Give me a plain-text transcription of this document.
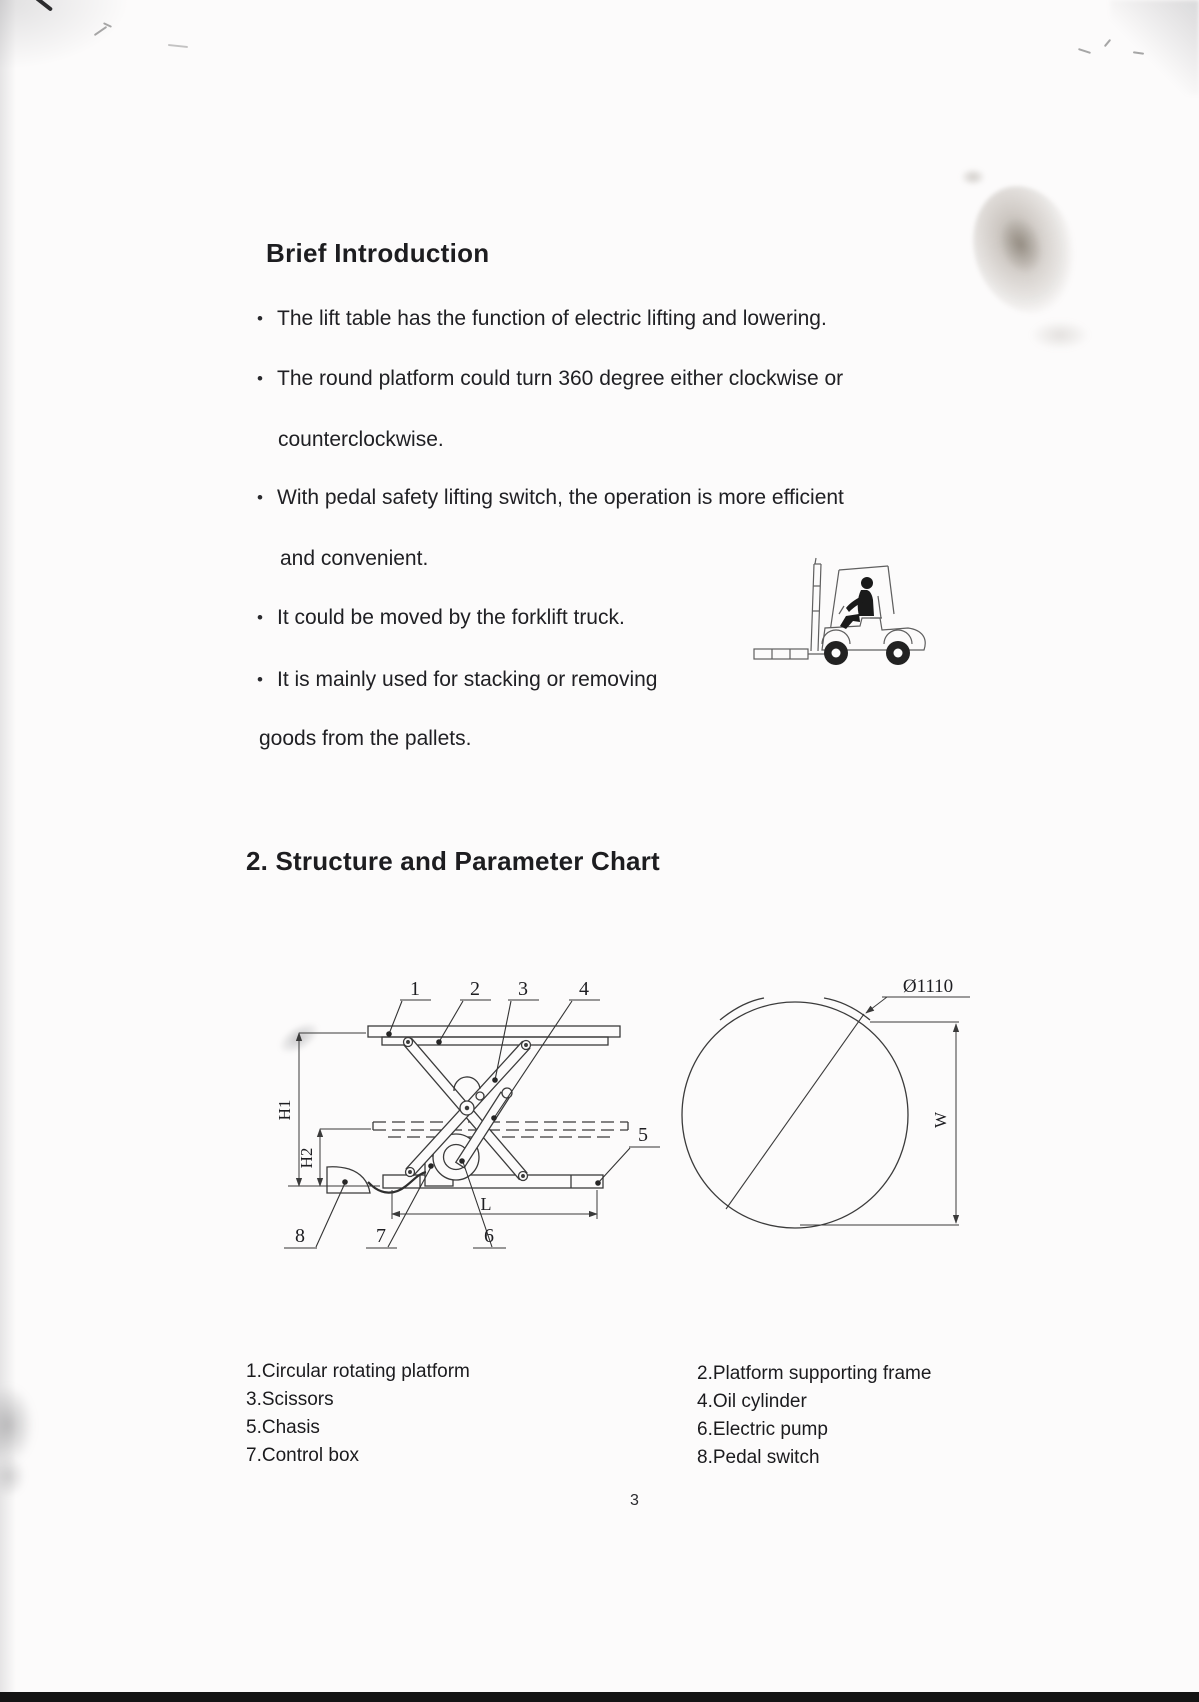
Brief Introduction
• The lift table has the function of electric lifting and lowering.
• The round platform could turn 360 degree either clockwise or
counterclockwise.
• With pedal safety lifting switch, the operation is more efficient
and convenient.
• It could be moved by the forklift truck.
• It is mainly used for stacking or removing
goods from the pallets.
2. Structure and Parameter Chart
H1
H2
L
1	2 3	4
5
8	7	6
Ø1110
W
1.Circular rotating platform
3.Scissors
5.Chasis
7.Control box
2.Platform supporting frame
4.Oil cylinder
6.Electric pump
8.Pedal switch
3
